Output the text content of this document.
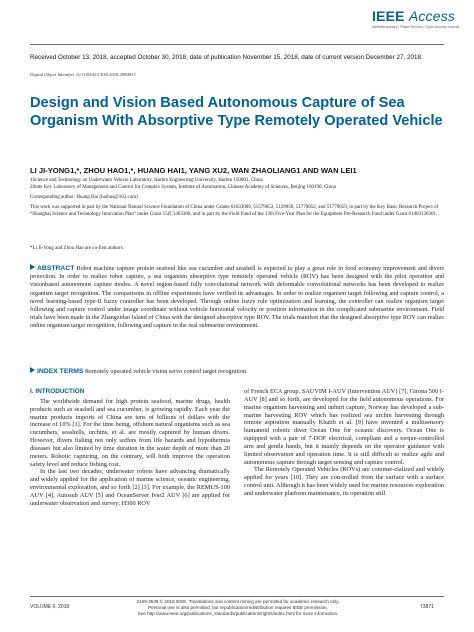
IEEE Access
Multidisciplinary | Rapid Review | Open Access Journal
Received October 13, 2018, accepted October 30, 2018, date of publication November 15, 2018, date of current version December 27, 2018.
Digital Object Identifier 10.1109/ACCESS.2018.2880813
Design and Vision Based Autonomous Capture of Sea Organism With Absorptive Type Remotely Operated Vehicle
LI JI-YONG1,*, ZHOU HAO1,*, HUANG HAI1, YANG XU2, WAN ZHAOLIANG1 AND WAN LEI1
1Science and Technology on Underwater Vehicle Laboratory, Harbin Engineering University, Harbin 150001, China
2State Key Laboratory of Management and Control for Complex System, Institute of Automation, Chinese Academy of Sciences, Beijing 100190, China
Corresponding author: Huang Hai (haihus@163.com)
This work was supported in part by the National Natural Science Foundation of China under Grants 61633009, 51579053, 5129050, 51779052, and 51779059, in part by the Key Basic Research Project of “Shanghai Science and Technology Innovation Plan” under Grant 15JC1403300, and in part by the Field Fund of the 13th Five-Year Plan for the Equipment Pre-Research Fund under Grant 61403120301.
*Li Ji-Yong and Zhou Hao are co-first authors.
ABSTRACT Robot machine capture protein seafood like sea cucumber and seashell is expected to play a great role in food economy improvement and divers protection. In order to realize robot capture, a sea organism absorptive type remotely operated vehicle (ROV) has been designed with the pilot operation and visionbased autonomous capture modes. A novel region-based fully convolutional network with deformable convolutional networks has been developed to realize organism target recognition. The comparisons in offline experiments have verified its advantages. In order to realize organism target following and capture control, a novel learning-based type-II fuzzy controller has been developed. Through online fuzzy rule optimization and learning, the controller can realize organism target following and capture control under image coordinate without vehicle horizontal velocity or position information in the complicated submarine environment. Field trials have been made in the Zhangzidao Island of China with the designed absorptive type ROV. The trials manifest that the designed absorptive type ROV can realize online organism target recognition, following and capture in the real submarine environment.
INDEX TERMS Remotely operated vehicle vision servo control target recognition.
I. INTRODUCTION

The worldwide demand for high protein seafood, marine drugs, health products such as seashell and sea cucumber, is growing rapidly. Each year the marine products imports of China are tens of billions of dollars with the increase of 10% [1]. For the time being, offshore natural organisms such as sea cucumbers, seashells, urchins, et al. are mostly captured by human divers. However, divers fishing not only suffers from life hazards and hypothermia diseases but also limited by time duration in the water depth of more than 20 meters. Robotic capturing, on the contrary, will both improve the operation safety level and reduce fishing cost.

In the last two decades, underwater robots have advancing dramatically and widely applied for the application of marine science, oceanic engineering, environmental exploration, and so forth [2] [3]. For example, the REMUS-100 AUV [4], Autosub AUV [5] and OceanServer Iver2 AUV [6] are applied for underwater observation and survey; H300 ROV

of French ECA group, SAUVIM I-AUV (Intervention AUV) [7], Girona 500 I-AUV [8] and so forth, are developed for the field autonomous operations. For marine organism harvesting and unhurt capture, Norway has developed a sub-marine harvesting ROV which has realized sea urchin harvesting through remote aspiration manually Khatib et al. [9] have invented a multisensory humanoid robotic diver Ocean One for oceanic discovery. Ocean One is equipped with a pair of 7-DOF electrical, compliant and a torque-controlled arm and gentle hands, but it mainly depends on the operator guidance with limited observation and operation time. It is still difficult to realize agile and autonomous capture through target sensing and capture control.

The Remotely Operated Vehicles (ROVs) are commer-cialized and widely applied for years [10]. They are con-trolled from the surface with a surface control unit. Although it has been widely used for marine resources exploration and underwater platform maintenance, its operation still

VOLUME 6, 2018
2169-3536 © 2018 IEEE. Translations and content mining are permitted for academic research only.
Personal use is also permitted, but republication/redistribution requires IEEE permission.
See http://www.ieee.org/publications_standards/publications/rights/index.html for more information.
73871
